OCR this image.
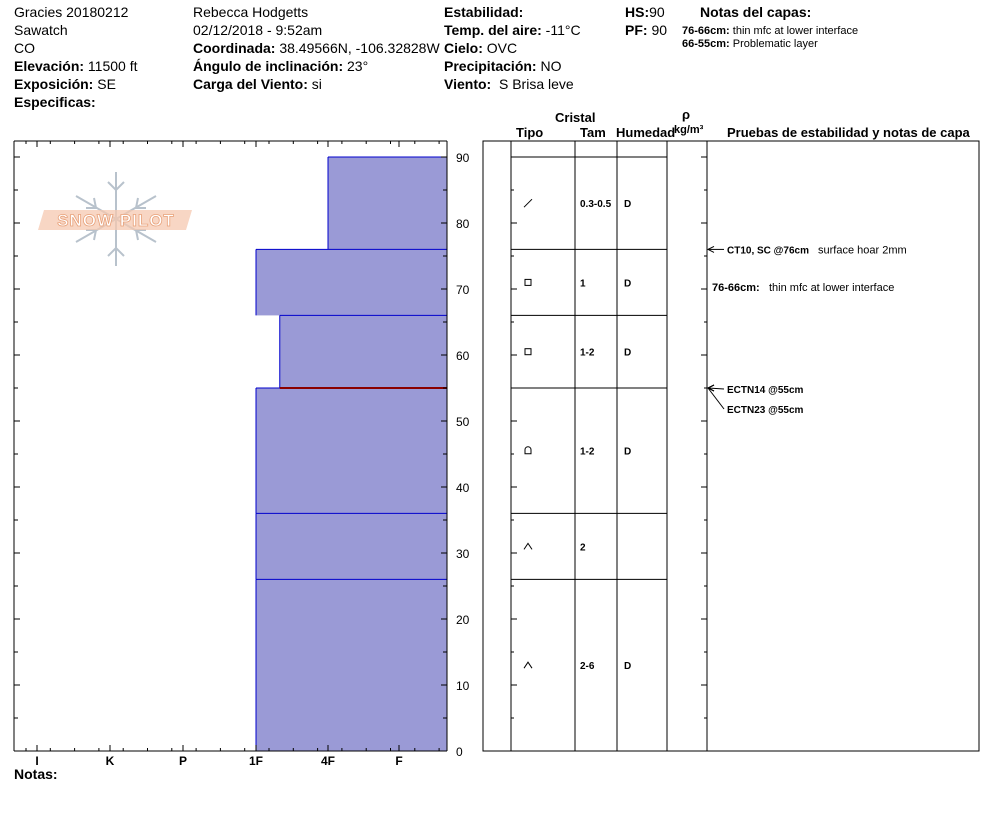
Gracies 20180212
Sawatch
CO
Elevación: 11500 ft
Exposición: SE
Especificas:
Rebecca Hodgetts
02/12/2018 - 9:52am
Coordinada: 38.49566N, -106.32828W
Ángulo de inclinación: 23°
Carga del Viento: si
Estabilidad:
Temp. del aire: -11°C
Cielo: OVC
Precipitación: NO
Viento: S Brisa leve
HS:90
PF: 90
Notas del capas:
76-66cm: thin mfc at lower interface
66-55cm: Problematic layer
Cristal
Tipo	Tam Humedad
ρ
kg/m³ Pruebas de estabilidad y notas de capa
Notas:
SNOW PILOT
I	K	P	1F	4F	F
0
10
20
30
40
50
60
70
80
90
0.3-0.5 D
1	D
1-2	D
1-2	D
2
2-6	D
CT10, SC @76cm surface hoar 2mm
ECTN14 @55cm
ECTN23 @55cm
76-66cm: thin mfc at lower interface
